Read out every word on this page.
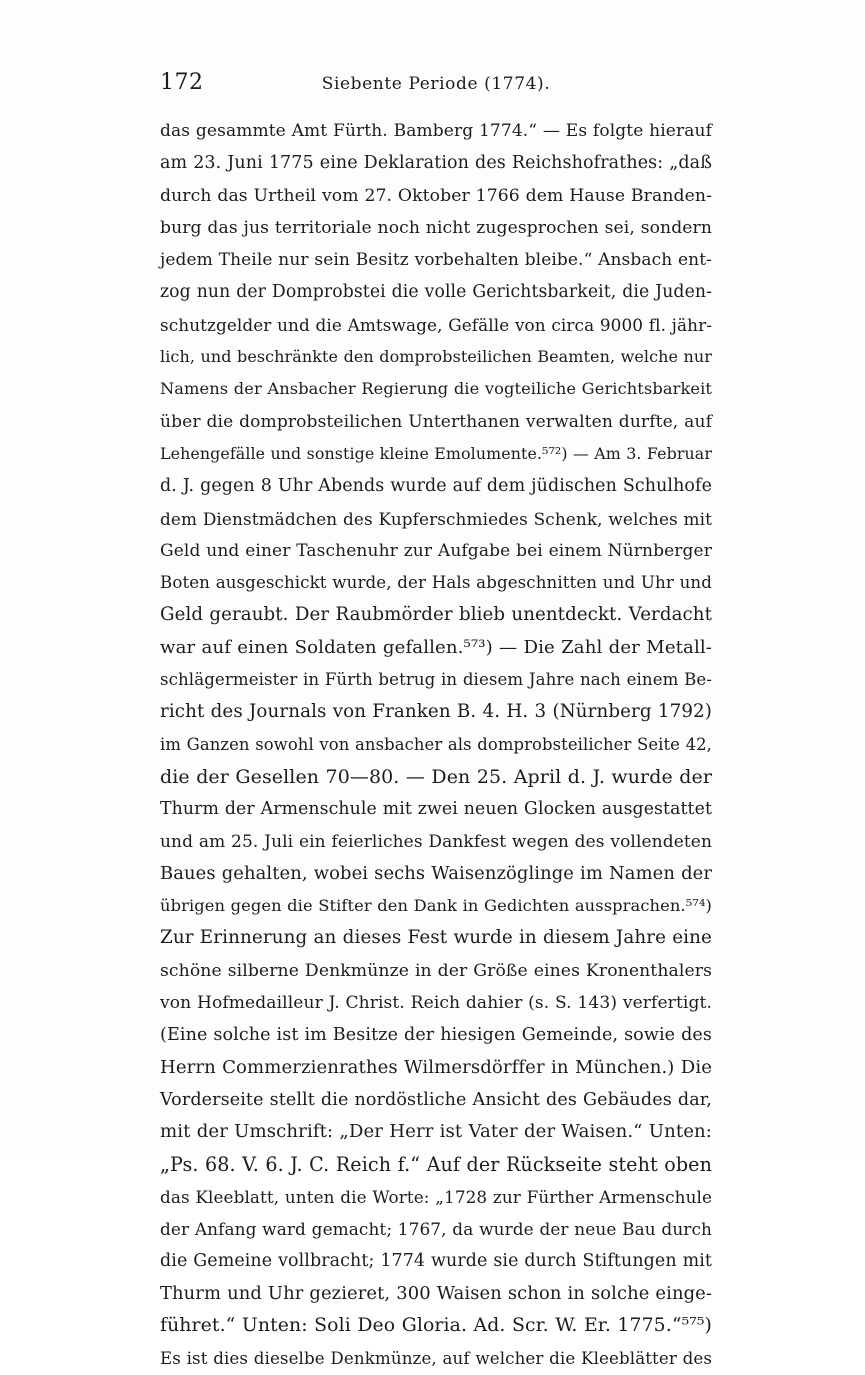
172	Siebente Periode (1774).
das gesammte Amt Fürth. Bamberg 1774.“ — Es folgte hierauf
am 23. Juni 1775 eine Deklaration des Reichshofrathes: „daß
durch das Urtheil vom 27. Oktober 1766 dem Hause Branden-
burg das jus territoriale noch nicht zugesprochen sei, sondern
jedem Theile nur sein Besitz vorbehalten bleibe.“ Ansbach ent-
zog nun der Domprobstei die volle Gerichtsbarkeit, die Juden-
schutzgelder und die Amtswage, Gefälle von circa 9000 fl. jähr-
lich, und beschränkte den domprobsteilichen Beamten, welche nur
Namens der Ansbacher Regierung die vogteiliche Gerichtsbarkeit
über die domprobsteilichen Unterthanen verwalten durfte, auf
Lehengefälle und sonstige kleine Emolumente.⁵⁷²) — Am 3. Februar
d. J. gegen 8 Uhr Abends wurde auf dem jüdischen Schulhofe
dem Dienstmädchen des Kupferschmiedes Schenk, welches mit
Geld und einer Taschenuhr zur Aufgabe bei einem Nürnberger
Boten ausgeschickt wurde, der Hals abgeschnitten und Uhr und
Geld geraubt. Der Raubmörder blieb unentdeckt. Verdacht
war auf einen Soldaten gefallen.⁵⁷³) — Die Zahl der Metall-
schlägermeister in Fürth betrug in diesem Jahre nach einem Be-
richt des Journals von Franken B. 4. H. 3 (Nürnberg 1792)
im Ganzen sowohl von ansbacher als domprobsteilicher Seite 42,
die der Gesellen 70—80. — Den 25. April d. J. wurde der
Thurm der Armenschule mit zwei neuen Glocken ausgestattet
und am 25. Juli ein feierliches Dankfest wegen des vollendeten
Baues gehalten, wobei sechs Waisenzöglinge im Namen der
übrigen gegen die Stifter den Dank in Gedichten aussprachen.⁵⁷⁴)
Zur Erinnerung an dieses Fest wurde in diesem Jahre eine
schöne silberne Denkmünze in der Größe eines Kronenthalers
von Hofmedailleur J. Christ. Reich dahier (s. S. 143) verfertigt.
(Eine solche ist im Besitze der hiesigen Gemeinde, sowie des
Herrn Commerzienrathes Wilmersdörffer in München.) Die
Vorderseite stellt die nordöstliche Ansicht des Gebäudes dar,
mit der Umschrift: „Der Herr ist Vater der Waisen.“ Unten:
„Ps. 68. V. 6. J. C. Reich f.“ Auf der Rückseite steht oben
das Kleeblatt, unten die Worte: „1728 zur Fürther Armenschule
der Anfang ward gemacht; 1767, da wurde der neue Bau durch
die Gemeine vollbracht; 1774 wurde sie durch Stiftungen mit
Thurm und Uhr gezieret, 300 Waisen schon in solche einge-
führet.“ Unten: Soli Deo Gloria. Ad. Scr. W. Er. 1775.“⁵⁷⁵)
Es ist dies dieselbe Denkmünze, auf welcher die Kleeblätter des
